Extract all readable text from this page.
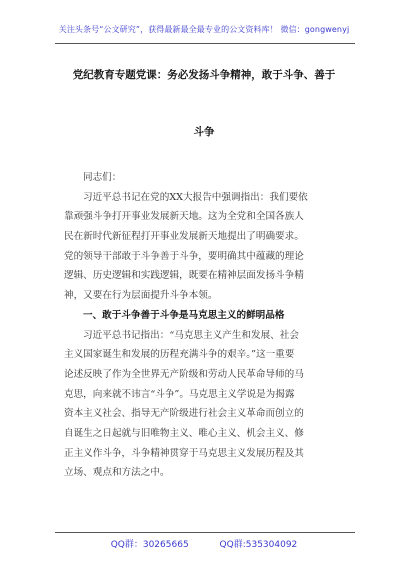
关注头条号“公文研究”，获得最新最全最专业的公文资料库！ 微信：gongwenyj
党纪教育专题党课：务必发扬斗争精神，敢于斗争、善于
斗争
同志们：
习近平总书记在党的XX大报告中强调指出：我们要依
靠顽强斗争打开事业发展新天地。这为全党和全国各族人
民在新时代新征程打开事业发展新天地提出了明确要求。
党的领导干部敢于斗争善于斗争，要明确其中蕴藏的理论
逻辑、历史逻辑和实践逻辑，既要在精神层面发扬斗争精
神，又要在行为层面提升斗争本领。
一、敢于斗争善于斗争是马克思主义的鲜明品格
习近平总书记指出：“马克思主义产生和发展、社会
主义国家诞生和发展的历程充满斗争的艰辛。”这一重要
论述反映了作为全世界无产阶级和劳动人民革命导师的马
克思，向来就不讳言“斗争”。马克思主义学说是为揭露
资本主义社会、指导无产阶级进行社会主义革命而创立的
自诞生之日起就与旧唯物主义、唯心主义、机会主义、修
正主义作斗争，斗争精神贯穿于马克思主义发展历程及其
立场、观点和方法之中。
QQ群：30265665	QQ群:535304092
